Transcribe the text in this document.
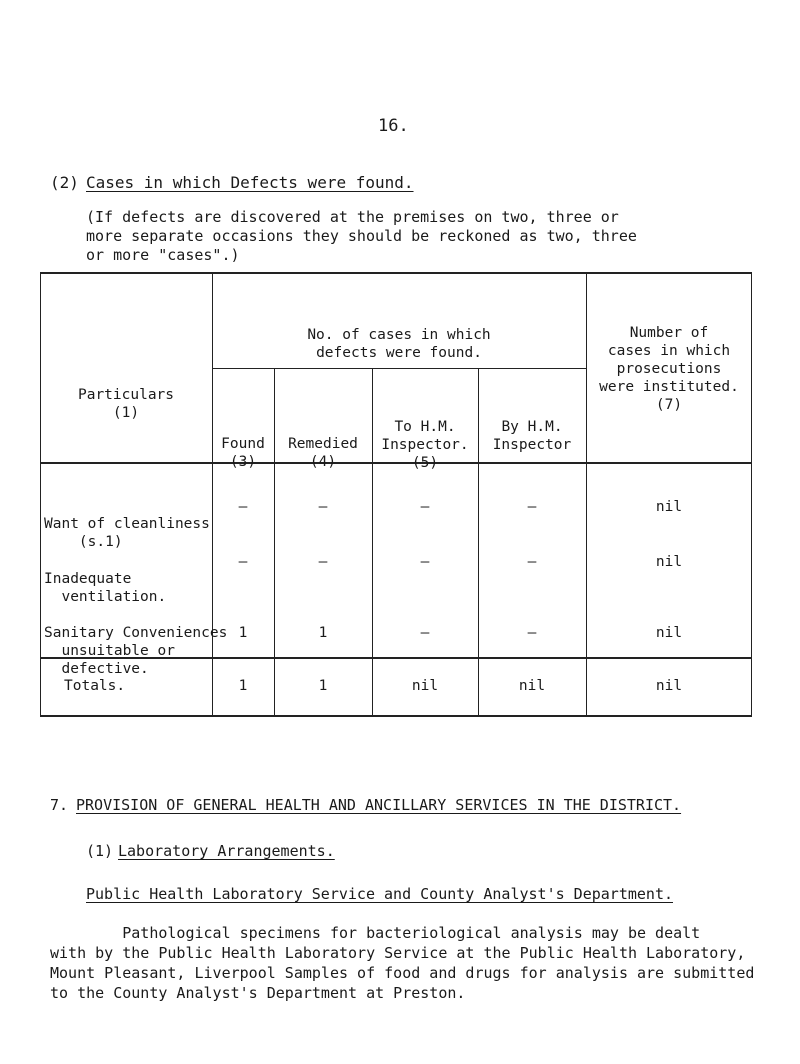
16.
(2) Cases in which Defects were found.
(If defects are discovered at the premises on two, three or
more separate occasions they should be reckoned as two, three
or more "cases".)

Particulars
(1)

No. of cases in which
defects were found.

Found
(3)

Remedied
(4)

To H.M.
Inspector.
(5)

By H.M.
Inspector

Number of
cases in which
prosecutions
were instituted.
(7)

Want of cleanliness
(s.1)

–	–	–	–	nil

Inadequate
ventilation.

–	–	–	–	nil

Sanitary Conveniences
unsuitable or
defective.

1	1	–	–	nil
Totals.	1	1	nil	nil	nil
7. PROVISION OF GENERAL HEALTH AND ANCILLARY SERVICES IN THE DISTRICT.
(1) Laboratory Arrangements.
Public Health Laboratory Service and County Analyst's Department.
Pathological specimens for bacteriological analysis may be dealt
with by the Public Health Laboratory Service at the Public Health Laboratory,
Mount Pleasant, Liverpool Samples of food and drugs for analysis are submitted
to the County Analyst's Department at Preston.
